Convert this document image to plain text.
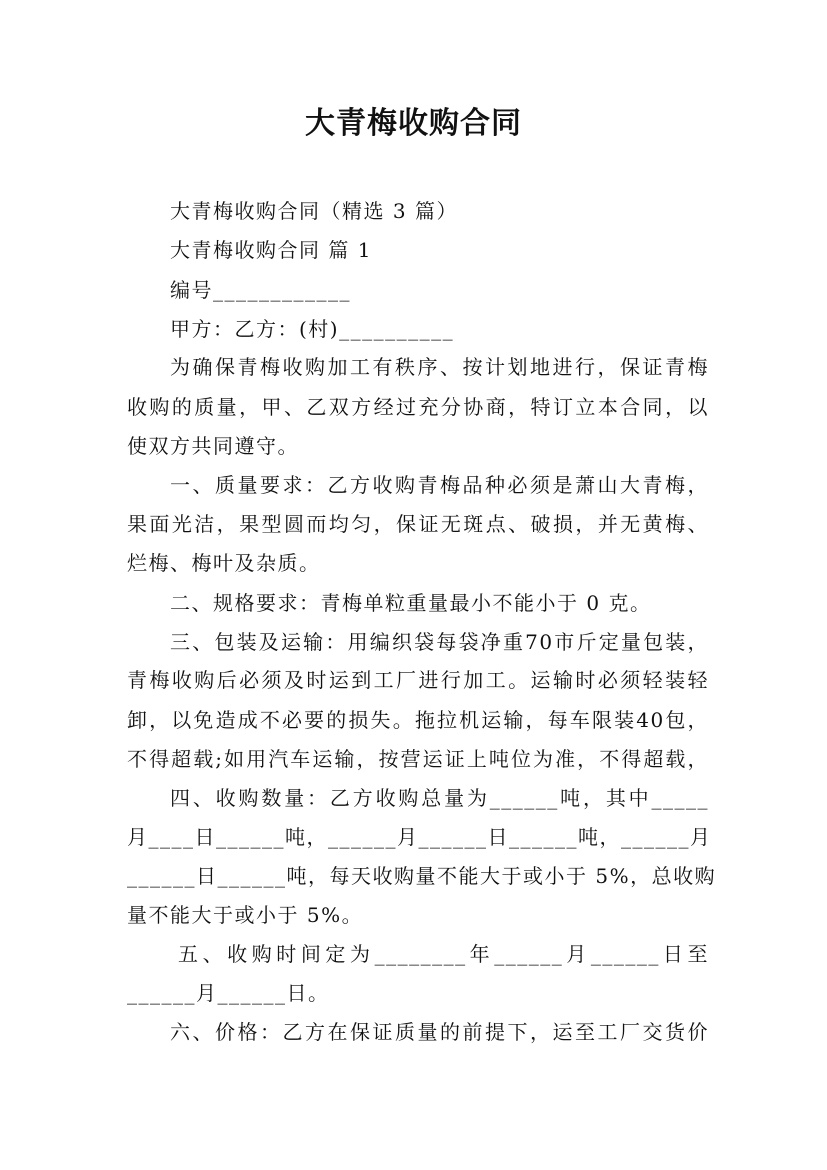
大青梅收购合同
大青梅收购合同（精选 3 篇）
大青梅收购合同 篇 1
编号____________
甲方：乙方：(村)__________
为确保青梅收购加工有秩序、按计划地进行，保证青梅
收购的质量，甲、乙双方经过充分协商，特订立本合同，以
使双方共同遵守。
一、质量要求：乙方收购青梅品种必须是萧山大青梅，
果面光洁，果型圆而均匀，保证无斑点、破损，并无黄梅、
烂梅、梅叶及杂质。
二、规格要求：青梅单粒重量最小不能小于 0 克。
三、包装及运输：用编织袋每袋净重70市斤定量包装，
青梅收购后必须及时运到工厂进行加工。运输时必须轻装轻
卸，以免造成不必要的损失。拖拉机运输，每车限装40包，
不得超载;如用汽车运输，按营运证上吨位为准，不得超载，
四、收购数量：乙方收购总量为______吨，其中_____
月____日______吨，______月______日______吨，______月
______日______吨，每天收购量不能大于或小于 5%，总收购
量不能大于或小于 5%。
五、收购时间定为________年______月______日至
______月______日。
六、价格：乙方在保证质量的前提下，运至工厂交货价
